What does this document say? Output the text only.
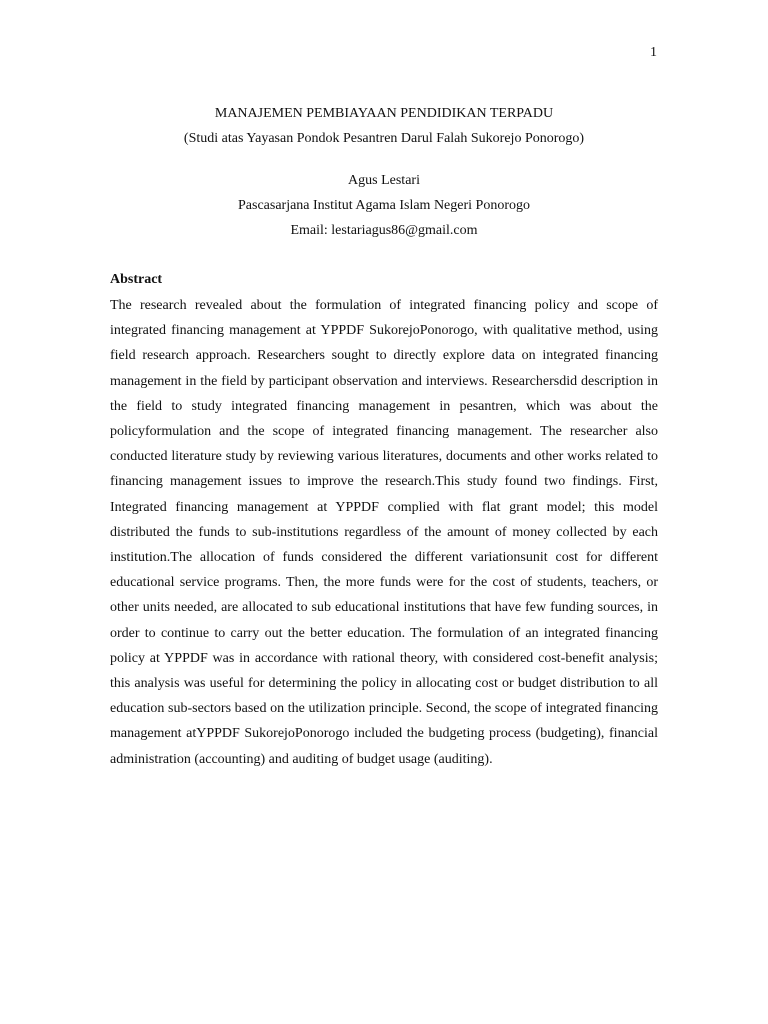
1
MANAJEMEN PEMBIAYAAN PENDIDIKAN TERPADU
(Studi atas Yayasan Pondok Pesantren Darul Falah Sukorejo Ponorogo)
Agus Lestari
Pascasarjana Institut Agama Islam Negeri Ponorogo
Email: lestariagus86@gmail.com
Abstract

The research revealed about the formulation of integrated financing policy and scope of integrated financing management at YPPDF SukorejoPonorogo, with qualitative method, using field research approach. Researchers sought to directly explore data on integrated financing management in the field by participant observation and interviews. Researchersdid description in the field to study integrated financing management in pesantren, which was about the policyformulation and the scope of integrated financing management. The researcher also conducted literature study by reviewing various literatures, documents and other works related to financing management issues to improve the research.This study found two findings. First, Integrated financing management at YPPDF complied with flat grant model; this model distributed the funds to sub-institutions regardless of the amount of money collected by each institution.The allocation of funds considered the different variationsunit cost for different educational service programs. Then, the more funds were for the cost of students, teachers, or other units needed, are allocated to sub educational institutions that have few funding sources, in order to continue to carry out the better education. The formulation of an integrated financing policy at YPPDF was in accordance with rational theory, with considered cost-benefit analysis; this analysis was useful for determining the policy in allocating cost or budget distribution to all education sub-sectors based on the utilization principle. Second, the scope of integrated financing management atYPPDF SukorejoPonorogo included the budgeting process (budgeting), financial administration (accounting) and auditing of budget usage (auditing).
